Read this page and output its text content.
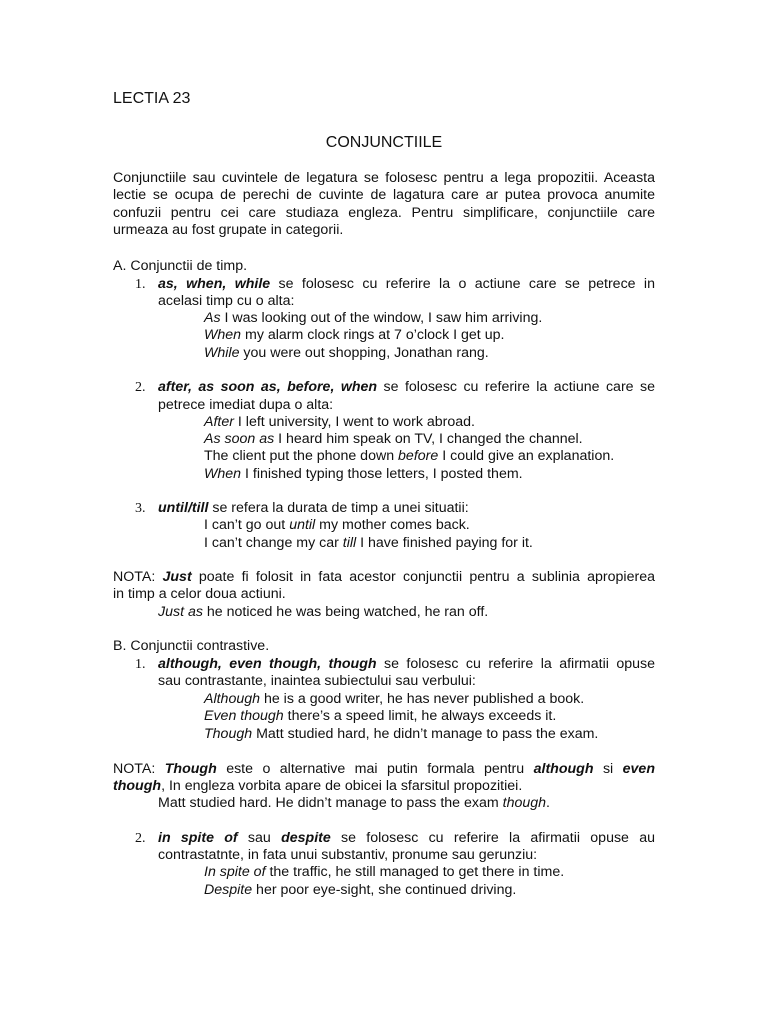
LECTIA 23
CONJUNCTIILE
Conjunctiile sau cuvintele de legatura se folosesc pentru a lega propozitii. Aceasta lectie se ocupa de perechi de cuvinte de lagatura care ar putea provoca anumite confuzii pentru cei care studiaza engleza. Pentru simplificare, conjunctiile care urmeaza au fost grupate in categorii.
A. Conjunctii de timp.
1. as, when, while se folosesc cu referire la o actiune care se petrece in
acelasi timp cu o alta:
As I was looking out of the window, I saw him arriving.
When my alarm clock rings at 7 o’clock I get up.
While you were out shopping, Jonathan rang.
2. after, as soon as, before, when se folosesc cu referire la actiune care se
petrece imediat dupa o alta:
After I left university, I went to work abroad.
As soon as I heard him speak on TV, I changed the channel.
The client put the phone down before I could give an explanation.
When I finished typing those letters, I posted them.
3. until/till se refera la durata de timp a unei situatii:
I can’t go out until my mother comes back.
I can’t change my car till I have finished paying for it.
NOTA: Just poate fi folosit in fata acestor conjunctii pentru a sublinia apropierea
in timp a celor doua actiuni.
Just as he noticed he was being watched, he ran off.
B. Conjunctii contrastive.
1. although, even though, though se folosesc cu referire la afirmatii opuse
sau contrastante, inaintea subiectului sau verbului:
Although he is a good writer, he has never published a book.
Even though there’s a speed limit, he always exceeds it.
Though Matt studied hard, he didn’t manage to pass the exam.
NOTA: Though este o alternative mai putin formala pentru although si even
though, In engleza vorbita apare de obicei la sfarsitul propozitiei.
Matt studied hard. He didn’t manage to pass the exam though.
2. in spite of sau despite se folosesc cu referire la afirmatii opuse au
contrastatnte, in fata unui substantiv, pronume sau gerunziu:
In spite of the traffic, he still managed to get there in time.
Despite her poor eye-sight, she continued driving.
